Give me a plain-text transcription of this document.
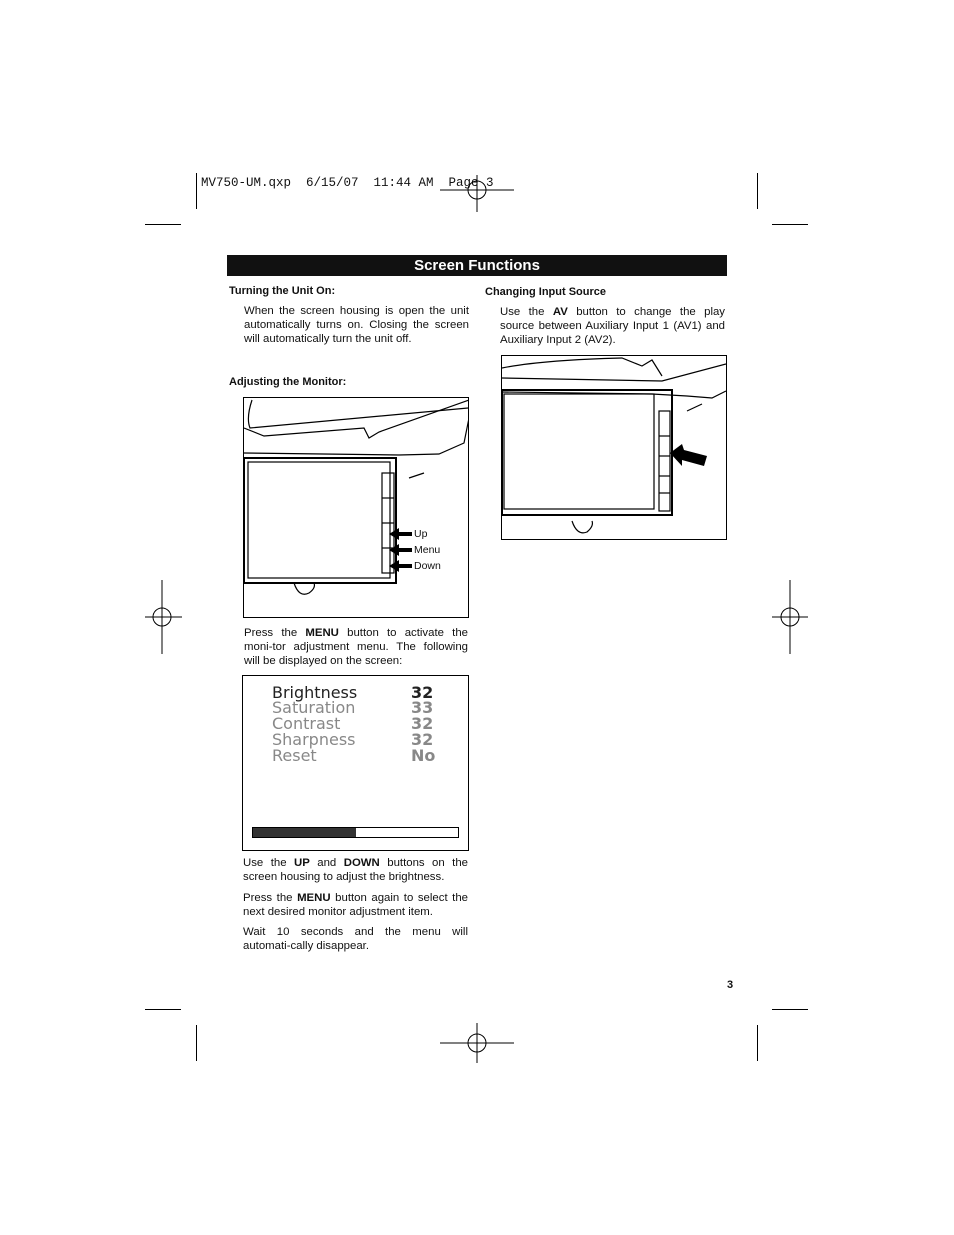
MV750-UM.qxp  6/15/07  11:44 AM  Page 3
Screen Functions
Turning the Unit On:
When the screen housing is open the unit automatically turns on. Closing the screen will automatically turn the unit off.
Adjusting the Monitor:
Up
Menu
Down
Press the MENU button to activate the moni-tor adjustment menu. The following will be displayed on the screen:
Brightness	32
Saturation	33
Contrast	32
Sharpness	32
Reset	No
Use the UP and DOWN buttons on the screen housing to adjust the brightness.
Press the MENU button again to select the next desired monitor adjustment item.
Wait 10 seconds and the menu will automati-cally disappear.
Changing Input Source
Use the AV button to change the play source between Auxiliary Input 1 (AV1) and Auxiliary Input 2 (AV2).
3
